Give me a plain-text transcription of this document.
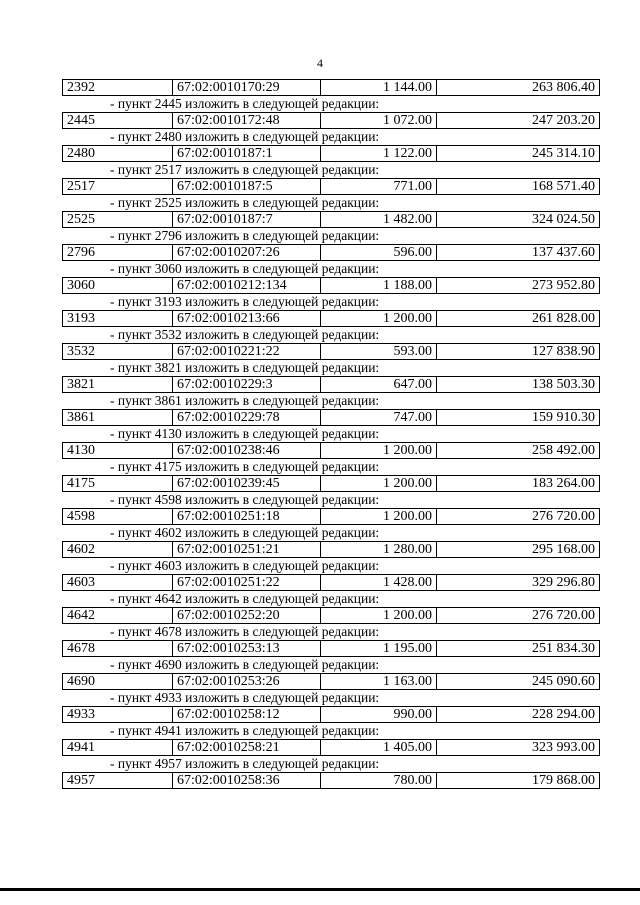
4
2392	67:02:0010170:29	1 144.00	263 806.40
- пункт 2445 изложить в следующей редакции:
2445	67:02:0010172:48	1 072.00	247 203.20
- пункт 2480 изложить в следующей редакции:
2480	67:02:0010187:1	1 122.00	245 314.10
- пункт 2517 изложить в следующей редакции:
2517	67:02:0010187:5	771.00	168 571.40
- пункт 2525 изложить в следующей редакции:
2525	67:02:0010187:7	1 482.00	324 024.50
- пункт 2796 изложить в следующей редакции:
2796	67:02:0010207:26	596.00	137 437.60
- пункт 3060 изложить в следующей редакции:
3060	67:02:0010212:134	1 188.00	273 952.80
- пункт 3193 изложить в следующей редакции:
3193	67:02:0010213:66	1 200.00	261 828.00
- пункт 3532 изложить в следующей редакции:
3532	67:02:0010221:22	593.00	127 838.90
- пункт 3821 изложить в следующей редакции:
3821	67:02:0010229:3	647.00	138 503.30
- пункт 3861 изложить в следующей редакции:
3861	67:02:0010229:78	747.00	159 910.30
- пункт 4130 изложить в следующей редакции:
4130	67:02:0010238:46	1 200.00	258 492.00
- пункт 4175 изложить в следующей редакции:
4175	67:02:0010239:45	1 200.00	183 264.00
- пункт 4598 изложить в следующей редакции:
4598	67:02:0010251:18	1 200.00	276 720.00
- пункт 4602 изложить в следующей редакции:
4602	67:02:0010251:21	1 280.00	295 168.00
- пункт 4603 изложить в следующей редакции:
4603	67:02:0010251:22	1 428.00	329 296.80
- пункт 4642 изложить в следующей редакции:
4642	67:02:0010252:20	1 200.00	276 720.00
- пункт 4678 изложить в следующей редакции:
4678	67:02:0010253:13	1 195.00	251 834.30
- пункт 4690 изложить в следующей редакции:
4690	67:02:0010253:26	1 163.00	245 090.60
- пункт 4933 изложить в следующей редакции:
4933	67:02:0010258:12	990.00	228 294.00
- пункт 4941 изложить в следующей редакции:
4941	67:02:0010258:21	1 405.00	323 993.00
- пункт 4957 изложить в следующей редакции:
4957	67:02:0010258:36	780.00	179 868.00
